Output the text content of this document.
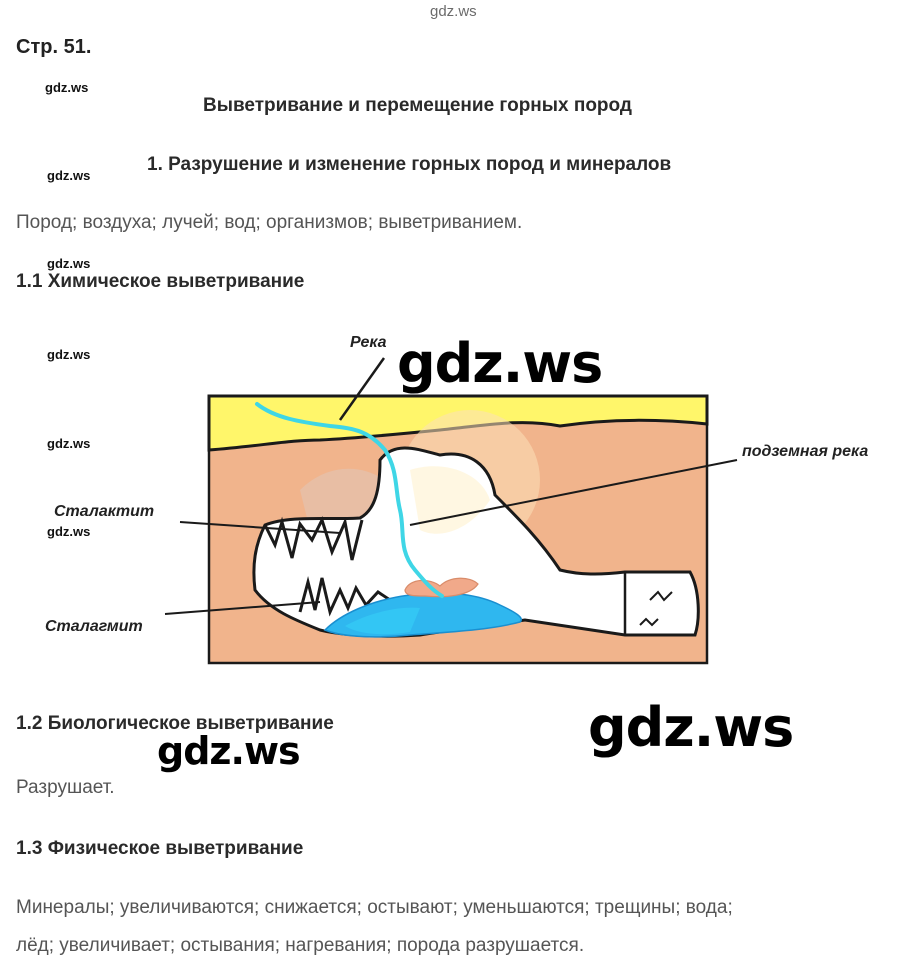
gdz.ws
Стр. 51.
gdz.ws
Выветривание и перемещение горных пород
gdz.ws
1. Разрушение и изменение горных пород и минералов
Пород; воздуха; лучей; вод; организмов; выветриванием.
gdz.ws
1.1 Химическое выветривание
Река
подземная река
Сталактит
Сталагмит
gdz.ws
gdz.ws
gdz.ws
gdz.ws
1.2 Биологическое выветривание	gdz.ws
gdz.ws
Разрушает.
1.3 Физическое выветривание
Минералы; увеличиваются; снижается; остывают; уменьшаются; трещины; вода;
лёд; увеличивает; остывания; нагревания; порода разрушается.
